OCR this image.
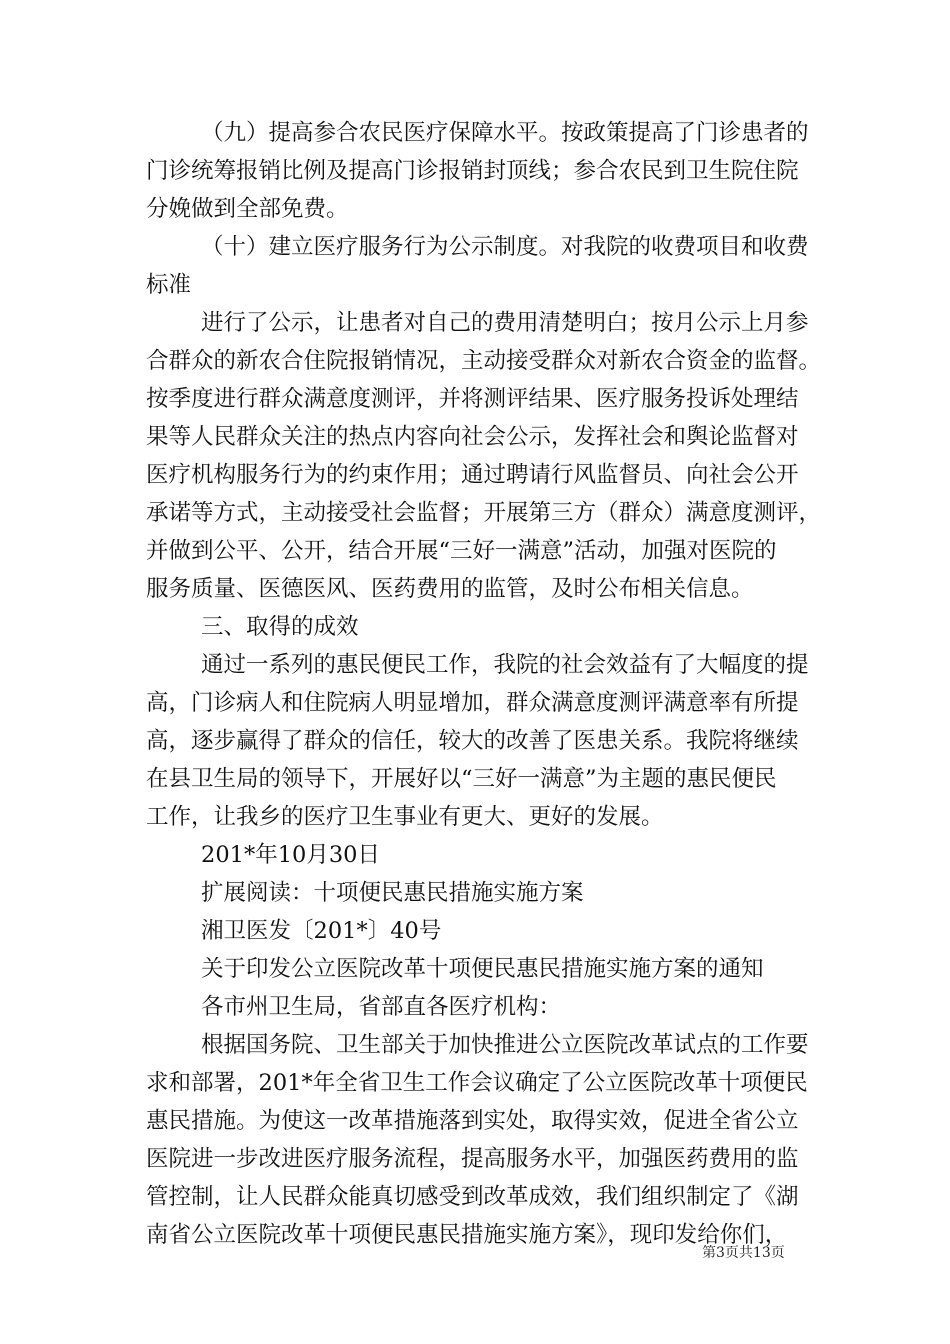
（九）提高参合农民医疗保障水平。按政策提高了门诊患者的
门诊统筹报销比例及提高门诊报销封顶线；参合农民到卫生院住院
分娩做到全部免费。
（十）建立医疗服务行为公示制度。对我院的收费项目和收费
标准
进行了公示，让患者对自己的费用清楚明白；按月公示上月参
合群众的新农合住院报销情况，主动接受群众对新农合资金的监督。
按季度进行群众满意度测评，并将测评结果、医疗服务投诉处理结
果等人民群众关注的热点内容向社会公示，发挥社会和舆论监督对
医疗机构服务行为的约束作用；通过聘请行风监督员、向社会公开
承诺等方式，主动接受社会监督；开展第三方（群众）满意度测评，
并做到公平、公开，结合开展“三好一满意”活动，加强对医院的
服务质量、医德医风、医药费用的监管，及时公布相关信息。
三、取得的成效
通过一系列的惠民便民工作，我院的社会效益有了大幅度的提
高，门诊病人和住院病人明显增加，群众满意度测评满意率有所提
高，逐步赢得了群众的信任，较大的改善了医患关系。我院将继续
在县卫生局的领导下，开展好以“三好一满意”为主题的惠民便民
工作，让我乡的医疗卫生事业有更大、更好的发展。
201*年10月30日
扩展阅读：十项便民惠民措施实施方案
湘卫医发〔201*〕40号
关于印发公立医院改革十项便民惠民措施实施方案的通知
各市州卫生局，省部直各医疗机构：
根据国务院、卫生部关于加快推进公立医院改革试点的工作要
求和部署，201*年全省卫生工作会议确定了公立医院改革十项便民
惠民措施。为使这一改革措施落到实处，取得实效，促进全省公立
医院进一步改进医疗服务流程，提高服务水平，加强医药费用的监
管控制，让人民群众能真切感受到改革成效，我们组织制定了《湖
南省公立医院改革十项便民惠民措施实施方案》，现印发给你们，
第3页共13页
